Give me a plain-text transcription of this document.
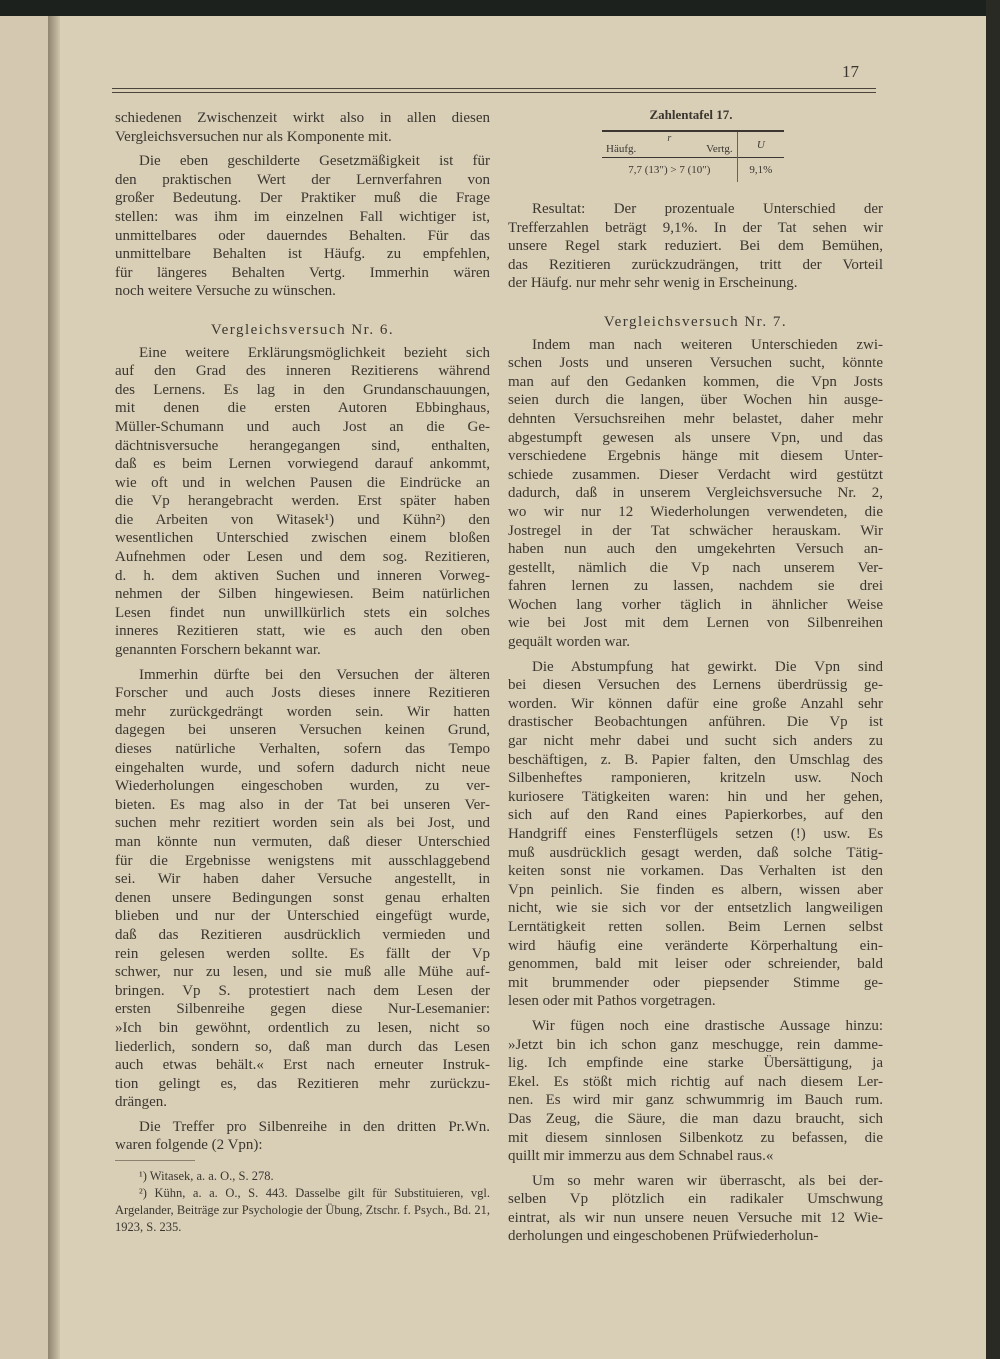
17
schiedenen Zwischenzeit wirkt also in allen diesen
Vergleichsversuchen nur als Komponente mit.
Die eben geschilderte Gesetzmäßigkeit ist für
den praktischen Wert der Lernverfahren von
großer Bedeutung. Der Praktiker muß die Frage
stellen: was ihm im einzelnen Fall wichtiger ist,
unmittelbares oder dauerndes Behalten. Für das
unmittelbare Behalten ist Häufg. zu empfehlen,
für längeres Behalten Vertg. Immerhin wären
noch weitere Versuche zu wünschen.
Vergleichsversuch Nr. 6.
Eine weitere Erklärungsmöglichkeit bezieht sich
auf den Grad des inneren Rezitierens während
des Lernens. Es lag in den Grundanschauungen,
mit denen die ersten Autoren Ebbinghaus,
Müller-Schumann und auch Jost an die Ge-
dächtnisversuche herangegangen sind, enthalten,
daß es beim Lernen vorwiegend darauf ankommt,
wie oft und in welchen Pausen die Eindrücke an
die Vp herangebracht werden. Erst später haben
die Arbeiten von Witasek¹) und Kühn²) den
wesentlichen Unterschied zwischen einem bloßen
Aufnehmen oder Lesen und dem sog. Rezitieren,
d. h. dem aktiven Suchen und inneren Vorweg-
nehmen der Silben hingewiesen. Beim natürlichen
Lesen findet nun unwillkürlich stets ein solches
inneres Rezitieren statt, wie es auch den oben
genannten Forschern bekannt war.
Immerhin dürfte bei den Versuchen der älteren
Forscher und auch Josts dieses innere Rezitieren
mehr zurückgedrängt worden sein. Wir hatten
dagegen bei unseren Versuchen keinen Grund,
dieses natürliche Verhalten, sofern das Tempo
eingehalten wurde, und sofern dadurch nicht neue
Wiederholungen eingeschoben wurden, zu ver-
bieten. Es mag also in der Tat bei unseren Ver-
suchen mehr rezitiert worden sein als bei Jost, und
man könnte nun vermuten, daß dieser Unterschied
für die Ergebnisse wenigstens mit ausschlaggebend
sei. Wir haben daher Versuche angestellt, in
denen unsere Bedingungen sonst genau erhalten
blieben und nur der Unterschied eingefügt wurde,
daß das Rezitieren ausdrücklich vermieden und
rein gelesen werden sollte. Es fällt der Vp
schwer, nur zu lesen, und sie muß alle Mühe auf-
bringen. Vp S. protestiert nach dem Lesen der
ersten Silbenreihe gegen diese Nur-Lesemanier:
»Ich bin gewöhnt, ordentlich zu lesen, nicht so
liederlich, sondern so, daß man durch das Lesen
auch etwas behält.« Erst nach erneuter Instruk-
tion gelingt es, das Rezitieren mehr zurückzu-
drängen.
Die Treffer pro Silbenreihe in den dritten Pr.Wn.
waren folgende (2 Vpn):
Zahlentafel 17.
r
Häufg. Vertg.	U
7,7 (13″) > 7 (10″)	9,1%
Resultat: Der prozentuale Unterschied der
Trefferzahlen beträgt 9,1%. In der Tat sehen wir
unsere Regel stark reduziert. Bei dem Bemühen,
das Rezitieren zurückzudrängen, tritt der Vorteil
der Häufg. nur mehr sehr wenig in Erscheinung.
Vergleichsversuch Nr. 7.
Indem man nach weiteren Unterschieden zwi-
schen Josts und unseren Versuchen sucht, könnte
man auf den Gedanken kommen, die Vpn Josts
seien durch die langen, über Wochen hin ausge-
dehnten Versuchsreihen mehr belastet, daher mehr
abgestumpft gewesen als unsere Vpn, und das
verschiedene Ergebnis hänge mit diesem Unter-
schiede zusammen. Dieser Verdacht wird gestützt
dadurch, daß in unserem Vergleichsversuche Nr. 2,
wo wir nur 12 Wiederholungen verwendeten, die
Jostregel in der Tat schwächer herauskam. Wir
haben nun auch den umgekehrten Versuch an-
gestellt, nämlich die Vp nach unserem Ver-
fahren lernen zu lassen, nachdem sie drei
Wochen lang vorher täglich in ähnlicher Weise
wie bei Jost mit dem Lernen von Silbenreihen
gequält worden war.
Die Abstumpfung hat gewirkt. Die Vpn sind
bei diesen Versuchen des Lernens überdrüssig ge-
worden. Wir können dafür eine große Anzahl sehr
drastischer Beobachtungen anführen. Die Vp ist
gar nicht mehr dabei und sucht sich anders zu
beschäftigen, z. B. Papier falten, den Umschlag des
Silbenheftes ramponieren, kritzeln usw. Noch
kuriosere Tätigkeiten waren: hin und her gehen,
sich auf den Rand eines Papierkorbes, auf den
Handgriff eines Fensterflügels setzen (!) usw. Es
muß ausdrücklich gesagt werden, daß solche Tätig-
keiten sonst nie vorkamen. Das Verhalten ist den
Vpn peinlich. Sie finden es albern, wissen aber
nicht, wie sie sich vor der entsetzlich langweiligen
Lerntätigkeit retten sollen. Beim Lernen selbst
wird häufig eine veränderte Körperhaltung ein-
genommen, bald mit leiser oder schreiender, bald
mit brummender oder piepsender Stimme ge-
lesen oder mit Pathos vorgetragen.
Wir fügen noch eine drastische Aussage hinzu:
»Jetzt bin ich schon ganz meschugge, rein damme-
lig. Ich empfinde eine starke Übersättigung, ja
Ekel. Es stößt mich richtig auf nach diesem Ler-
nen. Es wird mir ganz schwummrig im Bauch rum.
Das Zeug, die Säure, die man dazu braucht, sich
mit diesem sinnlosen Silbenkotz zu befassen, die
quillt mir immerzu aus dem Schnabel raus.«
Um so mehr waren wir überrascht, als bei der-
selben Vp plötzlich ein radikaler Umschwung
eintrat, als wir nun unsere neuen Versuche mit 12 Wie-
derholungen und eingeschobenen Prüfwiederholun-
¹) Witasek, a. a. O., S. 278.
²) Kühn, a. a. O., S. 443. Dasselbe gilt für Substituieren, vgl. Argelander, Beiträge zur Psychologie der Übung, Ztschr. f. Psych., Bd. 21, 1923, S. 235.
